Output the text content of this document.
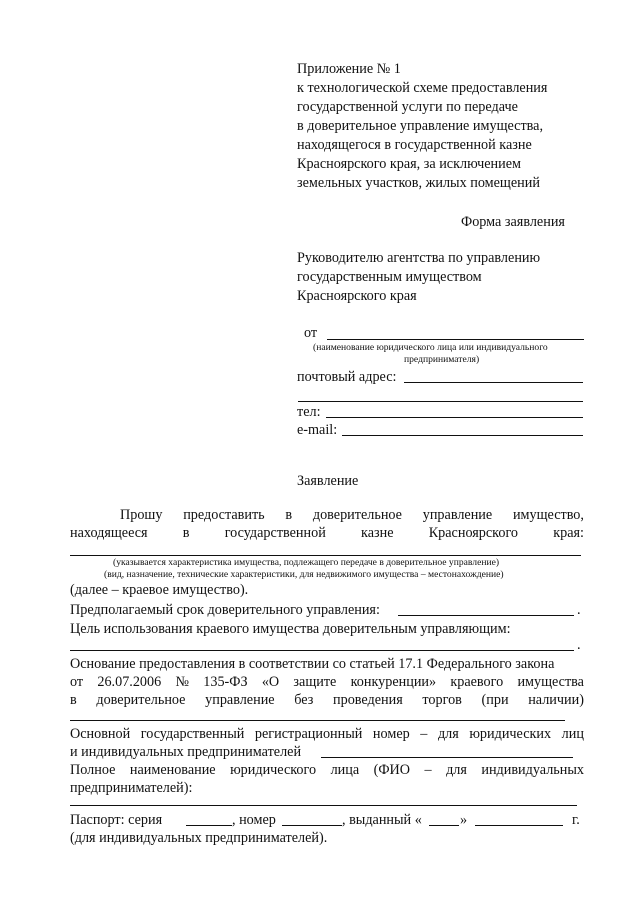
Приложение № 1
к технологической схеме предоставления
государственной услуги по передаче
в доверительное управление имущества,
находящегося в государственной казне
Красноярского края, за исключением
земельных участков, жилых помещений
Форма заявления
Руководителю агентства по управлению
государственным имуществом
Красноярского края
от
(наименование юридического лица или индивидуального
предпринимателя)
почтовый адрес:
тел:
e-mail:
Заявление
Прошу предоставить в доверительное управление имущество,
находящееся в государственной казне Красноярского края:
(указывается характеристика имущества, подлежащего передаче в доверительное управление)
(вид, назначение, технические характеристики, для недвижимого имущества – местонахождение)
(далее – краевое имущество).
Предполагаемый срок доверительного управления:	.
Цель использования краевого имущества доверительным управляющим:
.
Основание предоставления в соответствии со статьей 17.1 Федерального закона
от 26.07.2006 № 135-ФЗ «О защите конкуренции» краевого имущества
в доверительное управление без проведения торгов (при наличии)
Основной государственный регистрационный номер – для юридических лиц
и индивидуальных предпринимателей
Полное наименование юридического лица (ФИО – для индивидуальных
предпринимателей):
Паспорт: серия	, номер	, выданный «	»	г.
(для индивидуальных предпринимателей).
